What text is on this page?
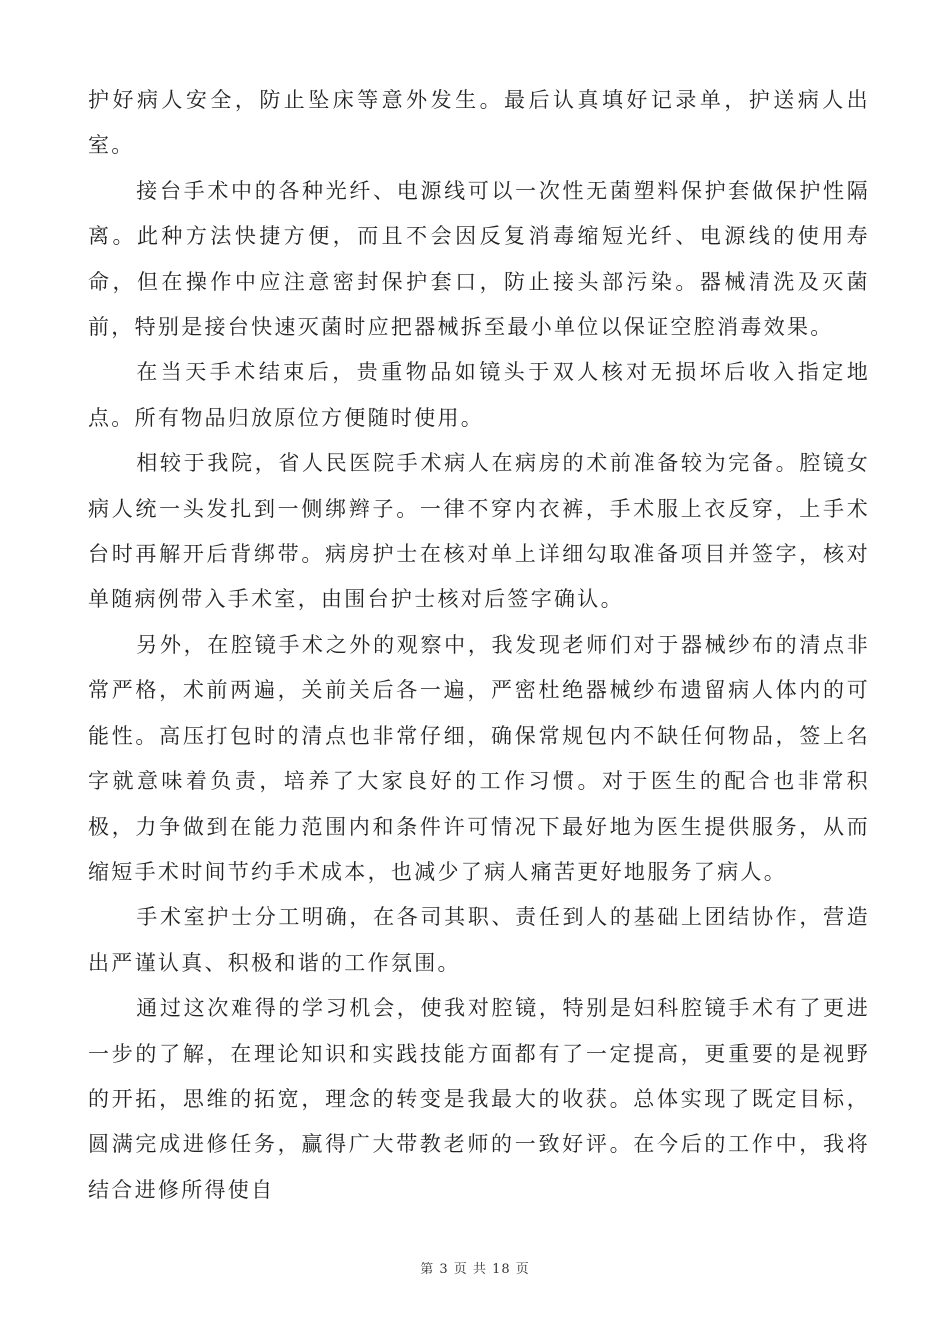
护好病人安全，防止坠床等意外发生。最后认真填好记录单，护送病人出室。

接台手术中的各种光纤、电源线可以一次性无菌塑料保护套做保护性隔离。此种方法快捷方便，而且不会因反复消毒缩短光纤、电源线的使用寿命，但在操作中应注意密封保护套口，防止接头部污染。器械清洗及灭菌前，特别是接台快速灭菌时应把器械拆至最小单位以保证空腔消毒效果。

在当天手术结束后，贵重物品如镜头于双人核对无损坏后收入指定地点。所有物品归放原位方便随时使用。

相较于我院，省人民医院手术病人在病房的术前准备较为完备。腔镜女病人统一头发扎到一侧绑辫子。一律不穿内衣裤，手术服上衣反穿，上手术台时再解开后背绑带。病房护士在核对单上详细勾取准备项目并签字，核对单随病例带入手术室，由围台护士核对后签字确认。

另外，在腔镜手术之外的观察中，我发现老师们对于器械纱布的清点非常严格，术前两遍，关前关后各一遍，严密杜绝器械纱布遗留病人体内的可能性。高压打包时的清点也非常仔细，确保常规包内不缺任何物品，签上名字就意味着负责，培养了大家良好的工作习惯。对于医生的配合也非常积极，力争做到在能力范围内和条件许可情况下最好地为医生提供服务，从而缩短手术时间节约手术成本，也减少了病人痛苦更好地服务了病人。

手术室护士分工明确，在各司其职、责任到人的基础上团结协作，营造出严谨认真、积极和谐的工作氛围。

通过这次难得的学习机会，使我对腔镜，特别是妇科腔镜手术有了更进一步的了解，在理论知识和实践技能方面都有了一定提高，更重要的是视野的开拓，思维的拓宽，理念的转变是我最大的收获。总体实现了既定目标，圆满完成进修任务，赢得广大带教老师的一致好评。在今后的工作中，我将结合进修所得使自

第 3 页 共 18 页
